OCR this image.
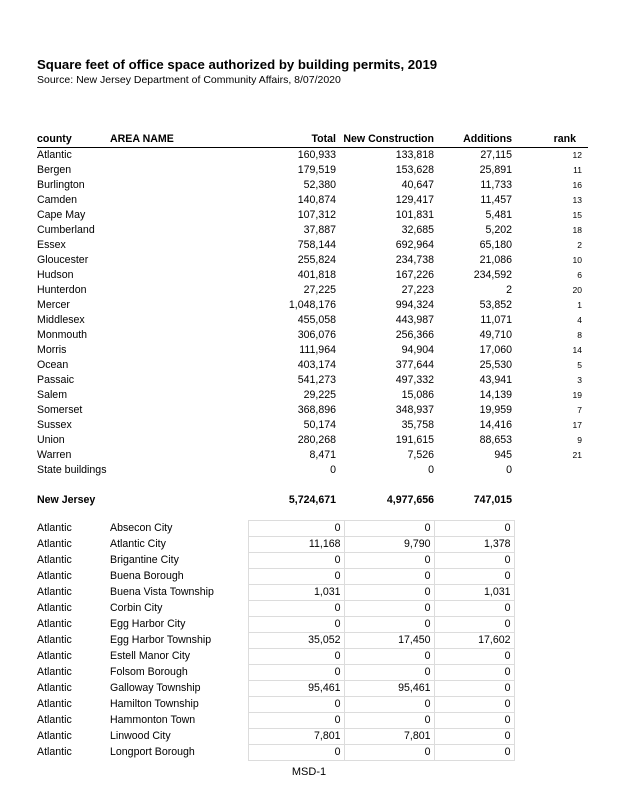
Square feet of office space authorized by building permits, 2019
Source: New Jersey Department of Community Affairs, 8/07/2020
county	AREA NAME	Total	New Construction	Additions	rank
Atlantic		160,933	133,818	27,115	12
Bergen		179,519	153,628	25,891	11
Burlington		52,380	40,647	11,733	16
Camden		140,874	129,417	11,457	13
Cape May		107,312	101,831	5,481	15
Cumberland		37,887	32,685	5,202	18
Essex		758,144	692,964	65,180	2
Gloucester		255,824	234,738	21,086	10
Hudson		401,818	167,226	234,592	6
Hunterdon		27,225	27,223	2	20
Mercer		1,048,176	994,324	53,852	1
Middlesex		455,058	443,987	11,071	4
Monmouth		306,076	256,366	49,710	8
Morris		111,964	94,904	17,060	14
Ocean		403,174	377,644	25,530	5
Passaic		541,273	497,332	43,941	3
Salem		29,225	15,086	14,139	19
Somerset		368,896	348,937	19,959	7
Sussex		50,174	35,758	14,416	17
Union		280,268	191,615	88,653	9
Warren		8,471	7,526	945	21
State buildings		0	0	0	

New Jersey		5,724,671	4,977,656	747,015	
Atlantic	Absecon City	0	0	0
Atlantic	Atlantic City	11,168	9,790	1,378
Atlantic	Brigantine City	0	0	0
Atlantic	Buena Borough	0	0	0
Atlantic	Buena Vista Township	1,031	0	1,031
Atlantic	Corbin City	0	0	0
Atlantic	Egg Harbor City	0	0	0
Atlantic	Egg Harbor Township	35,052	17,450	17,602
Atlantic	Estell Manor City	0	0	0
Atlantic	Folsom Borough	0	0	0
Atlantic	Galloway Township	95,461	95,461	0
Atlantic	Hamilton Township	0	0	0
Atlantic	Hammonton Town	0	0	0
Atlantic	Linwood City	7,801	7,801	0
Atlantic	Longport Borough	0	0	0
MSD-1
